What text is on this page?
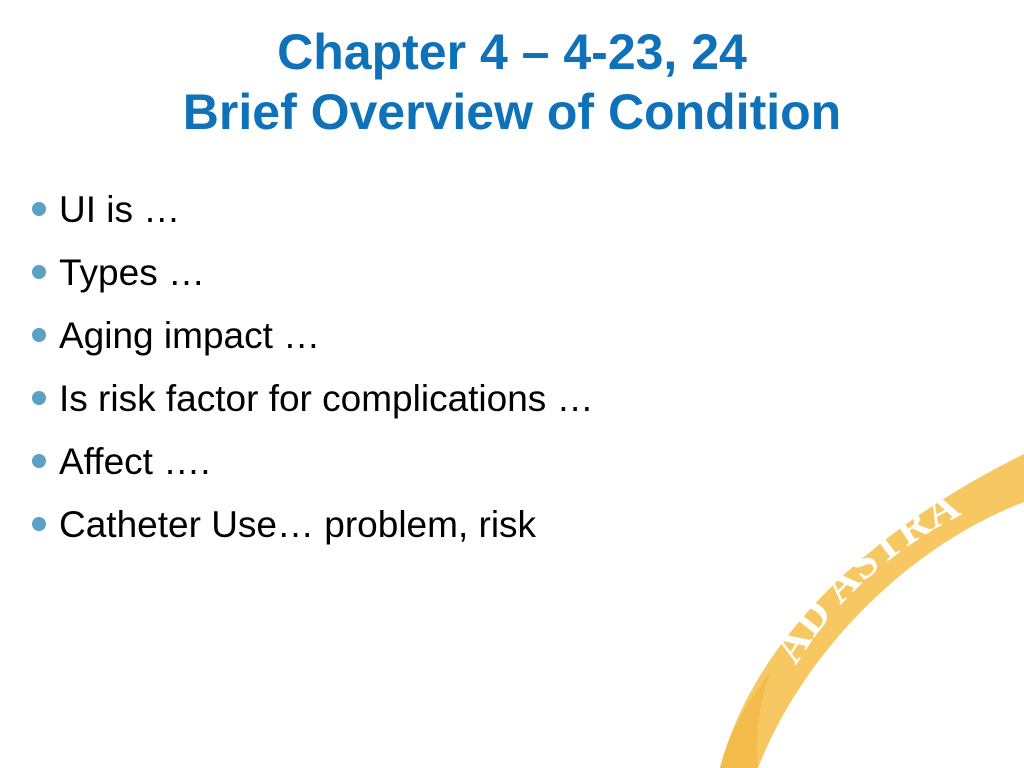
Chapter 4 – 4-23, 24
Brief Overview of Condition
UI is …
Types …
Aging impact …
Is risk factor for complications …
Affect ….
Catheter Use… problem, risk
AD ASTRA
